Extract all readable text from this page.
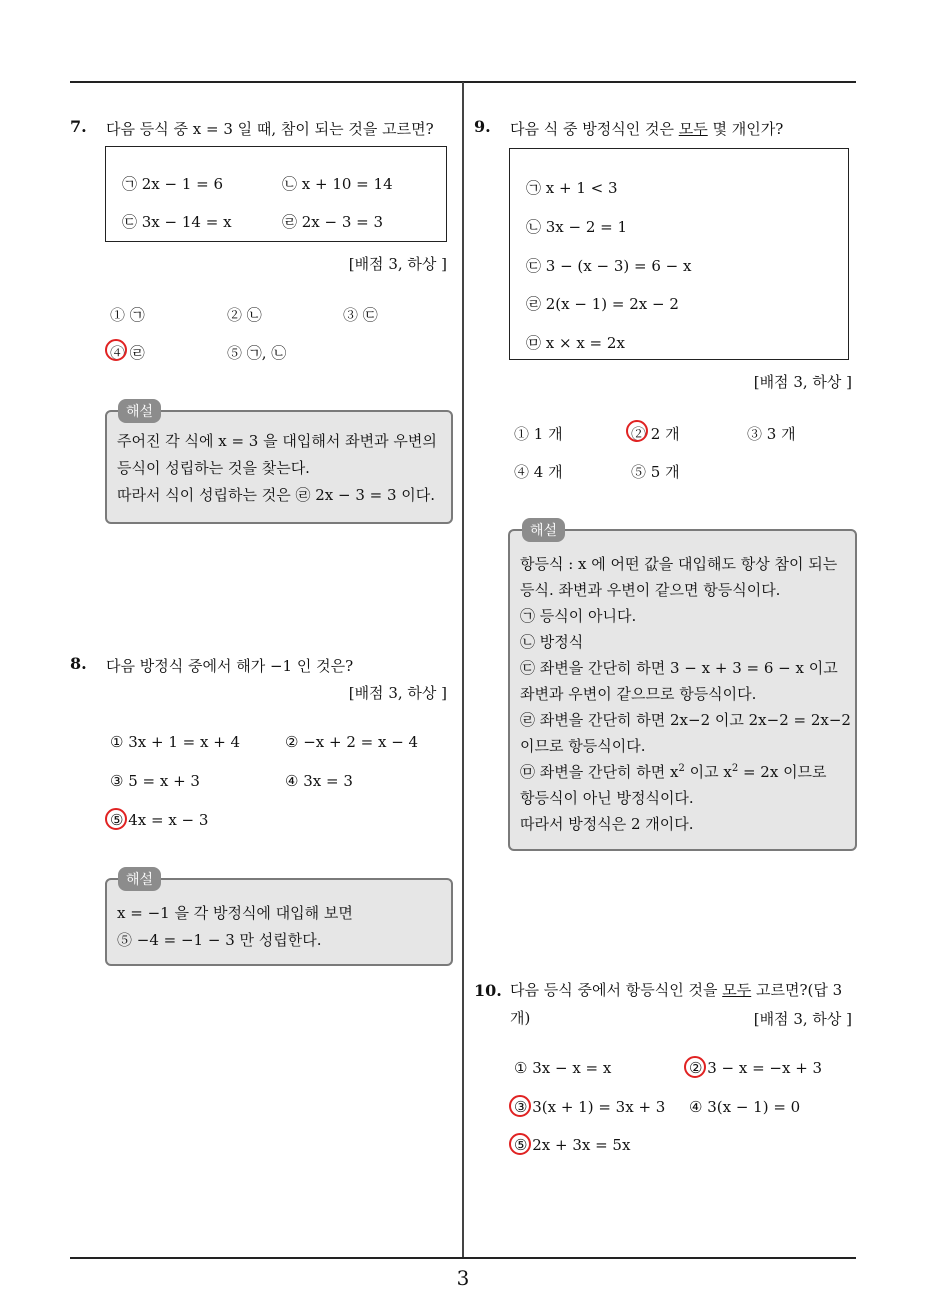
3
7. 다음 등식 중 x = 3 일 때, 참이 되는 것을 고르면?
㉠ 2x − 1 = 6	㉡ x + 10 = 14
㉢ 3x − 14 = x	㉣ 2x − 3 = 3
[배점 3, 하상 ]
① ㉠	② ㉡	③ ㉢
④ ㉣	⑤ ㉠, ㉡
주어진 각 식에 x = 3 을 대입해서 좌변과 우변의
등식이 성립하는 것을 찾는다.
따라서 식이 성립하는 것은 ㉣ 2x − 3 = 3 이다.
해설
8. 다음 방정식 중에서 해가 −1 인 것은?
[배점 3, 하상 ]
① 3x + 1 = x + 4	② −x + 2 = x − 4
③ 5 = x + 3	④ 3x = 3
⑤ 4x = x − 3
x = −1 을 각 방정식에 대입해 보면
⑤ −4 = −1 − 3 만 성립한다.
해설
9. 다음 식 중 방정식인 것은 모두 몇 개인가?
㉠ x + 1 < 3
㉡ 3x − 2 = 1
㉢ 3 − (x − 3) = 6 − x
㉣ 2(x − 1) = 2x − 2
㉤ x × x = 2x
[배점 3, 하상 ]
① 1 개	② 2 개	③ 3 개
④ 4 개	⑤ 5 개
항등식 : x 에 어떤 값을 대입해도 항상 참이 되는
등식. 좌변과 우변이 같으면 항등식이다.
㉠ 등식이 아니다.
㉡ 방정식
㉢ 좌변을 간단히 하면 3 − x + 3 = 6 − x 이고
좌변과 우변이 같으므로 항등식이다.
㉣ 좌변을 간단히 하면 2x−2 이고 2x−2 = 2x−2
이므로 항등식이다.
㉤ 좌변을 간단히 하면 $x^2$ 이고 $x^2 = 2x$ 이므로
항등식이 아닌 방정식이다.
따라서 방정식은 2 개이다.
해설
10. 다음 등식 중에서 항등식인 것을 모두 고르면?(답 3 개)	[배점 3, 하상 ]
① 3x − x = x	② 3 − x = −x + 3
③ 3(x + 1) = 3x + 3 ④ 3(x − 1) = 0
⑤ 2x + 3x = 5x
